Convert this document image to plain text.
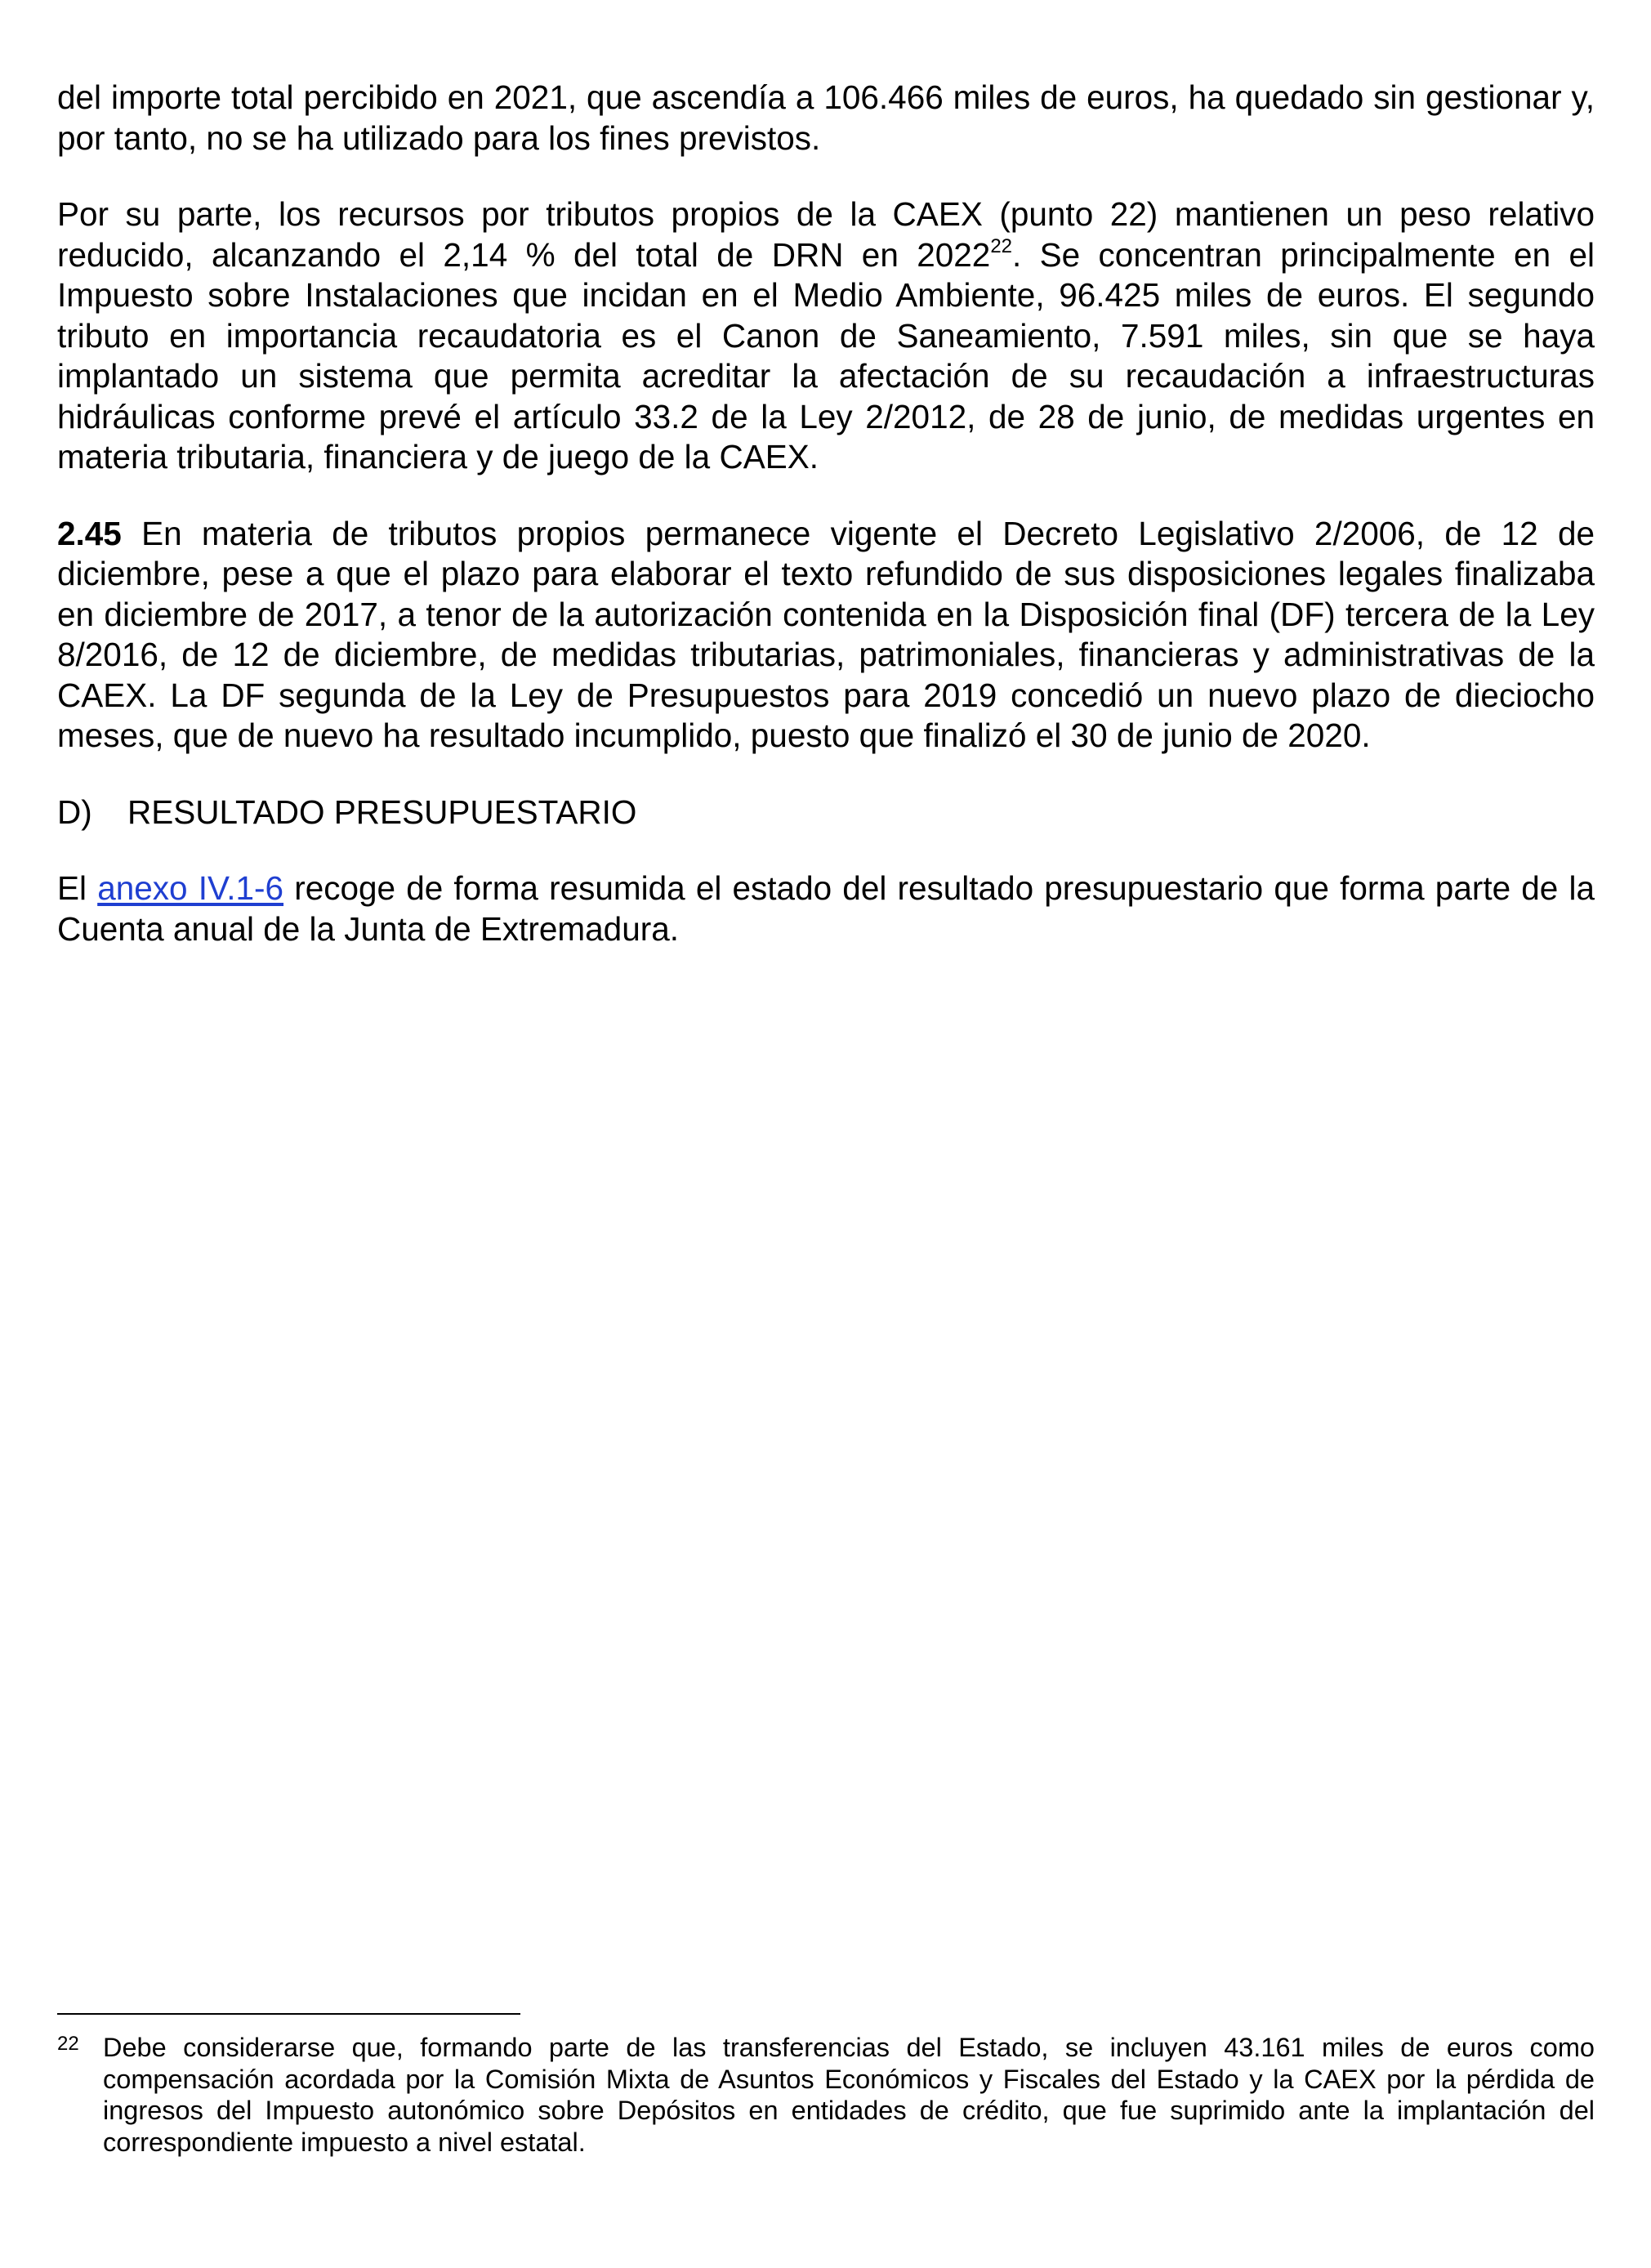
del importe total percibido en 2021, que ascendía a 106.466 miles de euros, ha quedado sin gestionar y, por tanto, no se ha utilizado para los fines previstos.

Por su parte, los recursos por tributos propios de la CAEX (punto 22) mantienen un peso relativo reducido, alcanzando el 2,14 % del total de DRN en 2022$^{22}$. Se concentran principalmente en el Impuesto sobre Instalaciones que incidan en el Medio Ambiente, 96.425 miles de euros. El segundo tributo en importancia recaudatoria es el Canon de Saneamiento, 7.591 miles, sin que se haya implantado un sistema que permita acreditar la afectación de su recaudación a infraestructuras hidráulicas conforme prevé el artículo 33.2 de la Ley 2/2012, de 28 de junio, de medidas urgentes en materia tributaria, financiera y de juego de la CAEX.

2.45 En materia de tributos propios permanece vigente el Decreto Legislativo 2/2006, de 12 de diciembre, pese a que el plazo para elaborar el texto refundido de sus disposiciones legales finalizaba en diciembre de 2017, a tenor de la autorización contenida en la Disposición final (DF) tercera de la Ley 8/2016, de 12 de diciembre, de medidas tributarias, patrimoniales, financieras y administrativas de la CAEX. La DF segunda de la Ley de Presupuestos para 2019 concedió un nuevo plazo de dieciocho meses, que de nuevo ha resultado incumplido, puesto que finalizó el 30 de junio de 2020.

D)	RESULTADO PRESUPUESTARIO

El anexo IV.1-6 recoge de forma resumida el estado del resultado presupuestario que forma parte de la Cuenta anual de la Junta de Extremadura.

22 Debe considerarse que, formando parte de las transferencias del Estado, se incluyen 43.161 miles de euros como compensación acordada por la Comisión Mixta de Asuntos Económicos y Fiscales del Estado y la CAEX por la pérdida de ingresos del Impuesto autonómico sobre Depósitos en entidades de crédito, que fue suprimido ante la implantación del correspondiente impuesto a nivel estatal.
